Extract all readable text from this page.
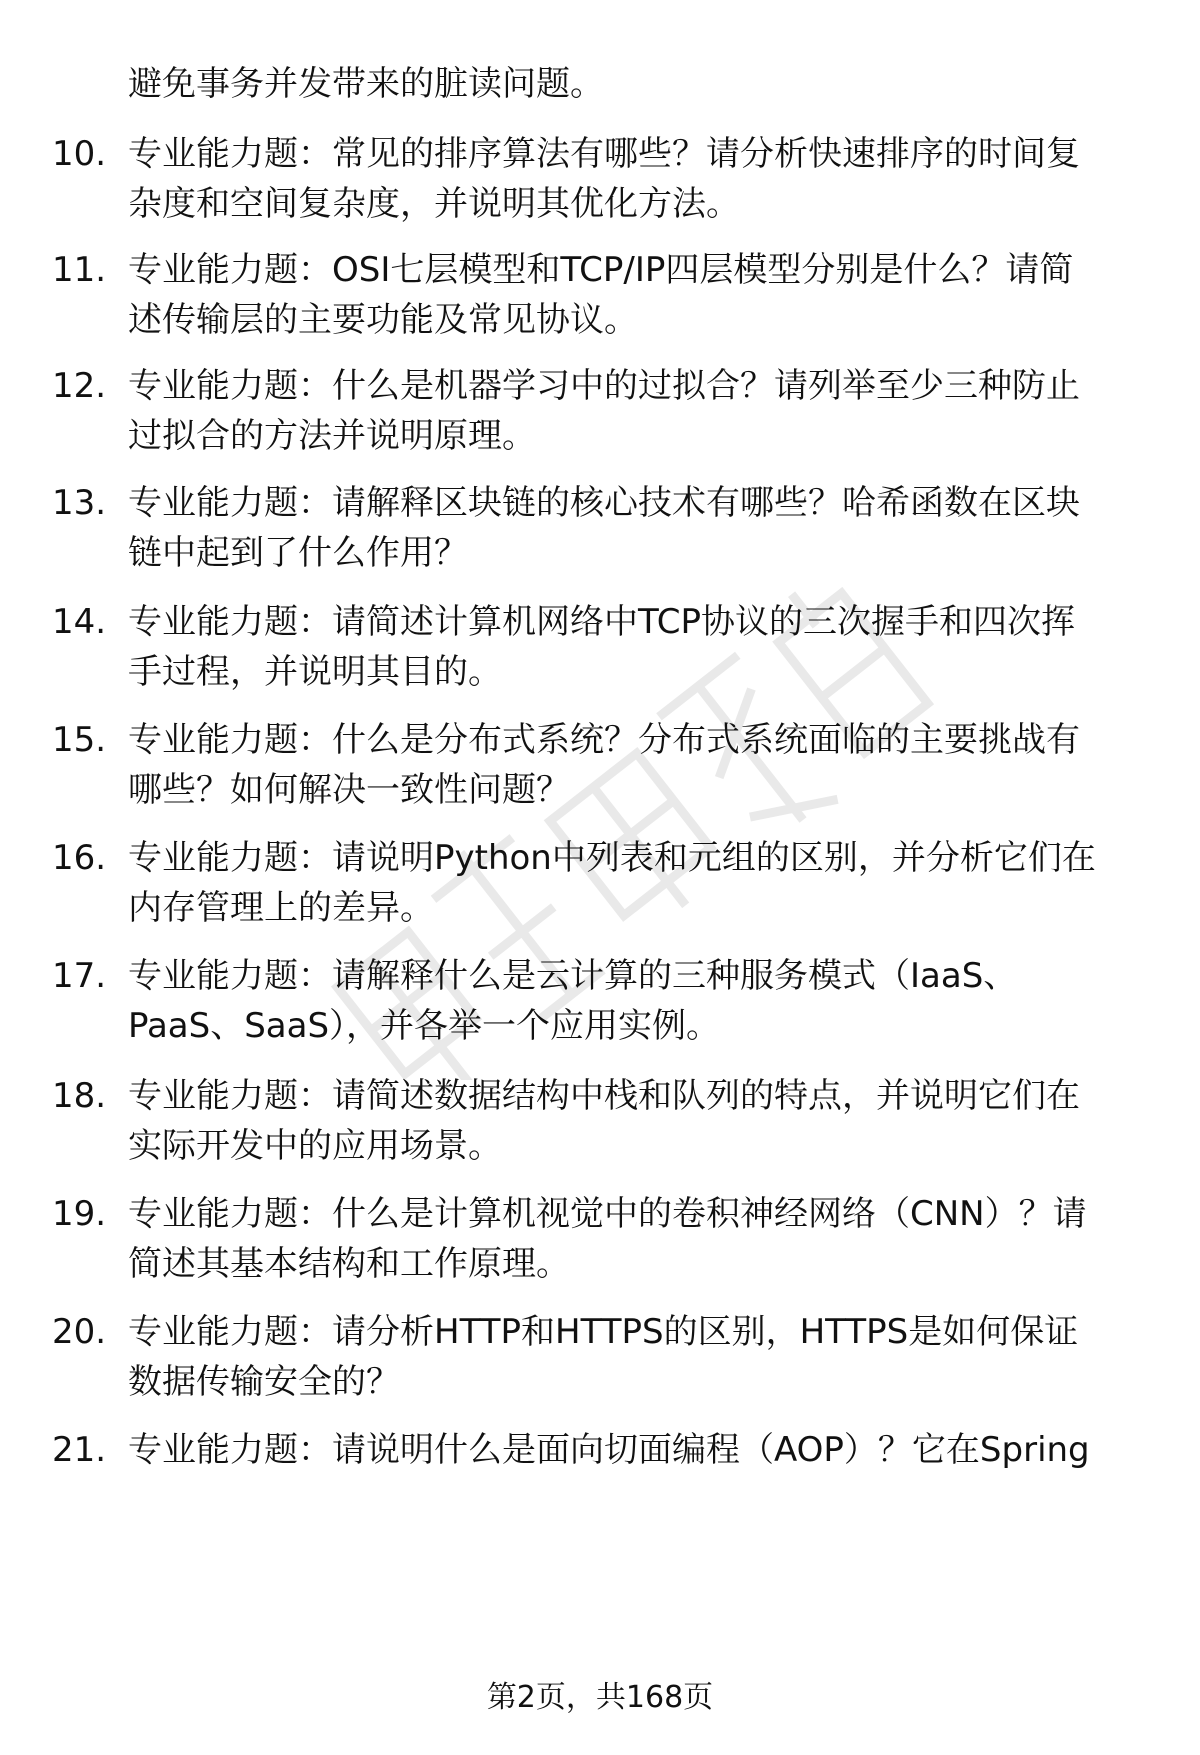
避免事务并发带来的脏读问题。
10. 专业能力题：常见的排序算法有哪些？请分析快速排序的时间复
杂度和空间复杂度，并说明其优化方法。
11. 专业能力题：OSI七层模型和TCP/IP四层模型分别是什么？请简
述传输层的主要功能及常见协议。
12. 专业能力题：什么是机器学习中的过拟合？请列举至少三种防止
过拟合的方法并说明原理。
13. 专业能力题：请解释区块链的核心技术有哪些？哈希函数在区块
链中起到了什么作用？
14. 专业能力题：请简述计算机网络中TCP协议的三次握手和四次挥
手过程，并说明其目的。
15. 专业能力题：什么是分布式系统？分布式系统面临的主要挑战有
哪些？如何解决一致性问题？
16. 专业能力题：请说明Python中列表和元组的区别，并分析它们在
内存管理上的差异。
17. 专业能力题：请解释什么是云计算的三种服务模式（IaaS、
PaaS、SaaS），并各举一个应用实例。
18. 专业能力题：请简述数据结构中栈和队列的特点，并说明它们在
实际开发中的应用场景。
19. 专业能力题：什么是计算机视觉中的卷积神经网络（CNN）？请
简述其基本结构和工作原理。
20. 专业能力题：请分析HTTP和HTTPS的区别，HTTPS是如何保证
数据传输安全的？
21. 专业能力题：请说明什么是面向切面编程（AOP）？它在Spring
第2页，共168页
